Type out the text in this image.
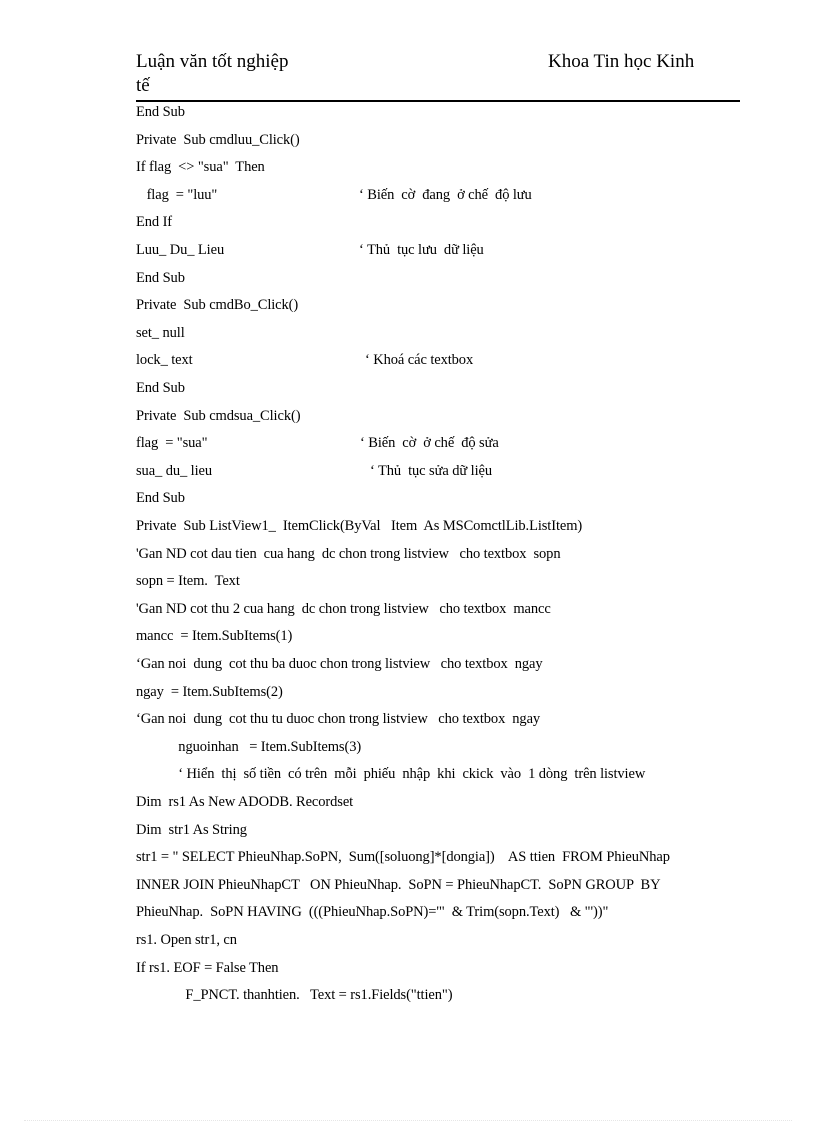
Luận văn tốt nghiệp
tế
Khoa Tin học Kinh
End Sub
Private  Sub cmdluu_Click()
If flag  <> "sua"  Then
flag  = "luu"	‘ Biến  cờ  đang  ở chế  độ lưu
End If
Luu_ Du_ Lieu	‘ Thủ  tục lưu  dữ liệu
End Sub
Private  Sub cmdBo_Click()
set_ null
lock_ text	‘ Khoá các textbox
End Sub
Private  Sub cmdsua_Click()
flag  = "sua"	‘ Biến  cờ  ở chế  độ sửa
sua_ du_ lieu	‘ Thủ  tục sửa dữ liệu
End Sub
Private  Sub ListView1_  ItemClick(ByVal   Item  As MSComctlLib.ListItem)
'Gan ND cot dau tien  cua hang  dc chon trong listview   cho textbox  sopn
sopn = Item.  Text
'Gan ND cot thu 2 cua hang  dc chon trong listview   cho textbox  mancc
mancc  = Item.SubItems(1)
‘Gan noi  dung  cot thu ba duoc chon trong listview   cho textbox  ngay
ngay  = Item.SubItems(2)
‘Gan noi  dung  cot thu tu duoc chon trong listview   cho textbox  ngay
nguoinhan   = Item.SubItems(3)
‘ Hiển  thị  số tiền  có trên  mỗi  phiếu  nhập  khi  ckick  vào  1 dòng  trên listview
Dim  rs1 As New ADODB. Recordset
Dim  str1 As String
str1 = " SELECT PhieuNhap.SoPN,  Sum([soluong]*[dongia])    AS ttien  FROM PhieuNhap
INNER JOIN PhieuNhapCT   ON PhieuNhap.  SoPN = PhieuNhapCT.  SoPN GROUP  BY
PhieuNhap.  SoPN HAVING  (((PhieuNhap.SoPN)='"  & Trim(sopn.Text)   & "'))"
rs1. Open str1, cn
If rs1. EOF = False Then
F_PNCT. thanhtien.   Text = rs1.Fields("ttien")
